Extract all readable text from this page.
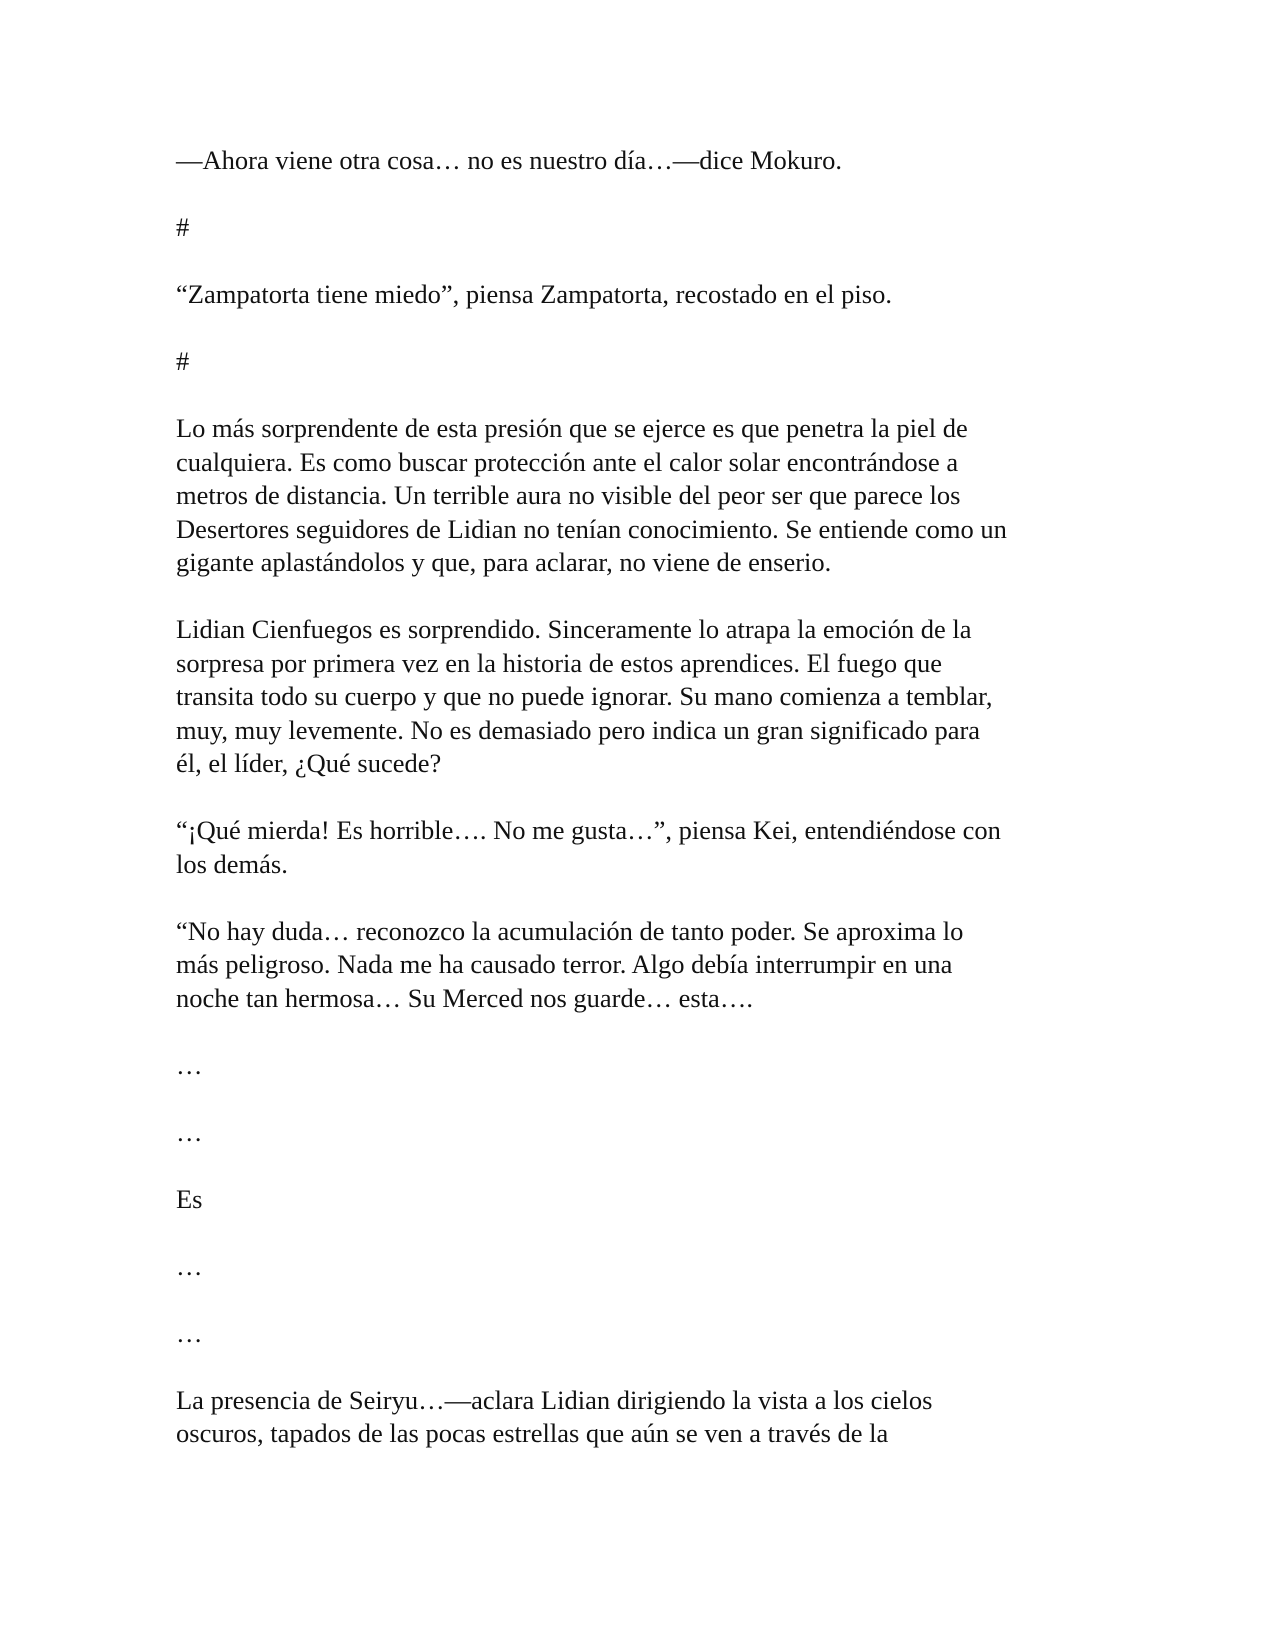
—Ahora viene otra cosa… no es nuestro día…—dice Mokuro.

#

“Zampatorta tiene miedo”, piensa Zampatorta, recostado en el piso.

#

Lo más sorprendente de esta presión que se ejerce es que penetra la piel de
cualquiera. Es como buscar protección ante el calor solar encontrándose a
metros de distancia. Un terrible aura no visible del peor ser que parece los
Desertores seguidores de Lidian no tenían conocimiento. Se entiende como un
gigante aplastándolos y que, para aclarar, no viene de enserio.

Lidian Cienfuegos es sorprendido. Sinceramente lo atrapa la emoción de la
sorpresa por primera vez en la historia de estos aprendices. El fuego que
transita todo su cuerpo y que no puede ignorar. Su mano comienza a temblar,
muy, muy levemente. No es demasiado pero indica un gran significado para
él, el líder, ¿Qué sucede?

“¡Qué mierda! Es horrible…. No me gusta…”, piensa Kei, entendiéndose con
los demás.

“No hay duda… reconozco la acumulación de tanto poder. Se aproxima lo
más peligroso. Nada me ha causado terror. Algo debía interrumpir en una
noche tan hermosa… Su Merced nos guarde… esta….

…

…

Es

…

…

La presencia de Seiryu…—aclara Lidian dirigiendo la vista a los cielos
oscuros, tapados de las pocas estrellas que aún se ven a través de la
